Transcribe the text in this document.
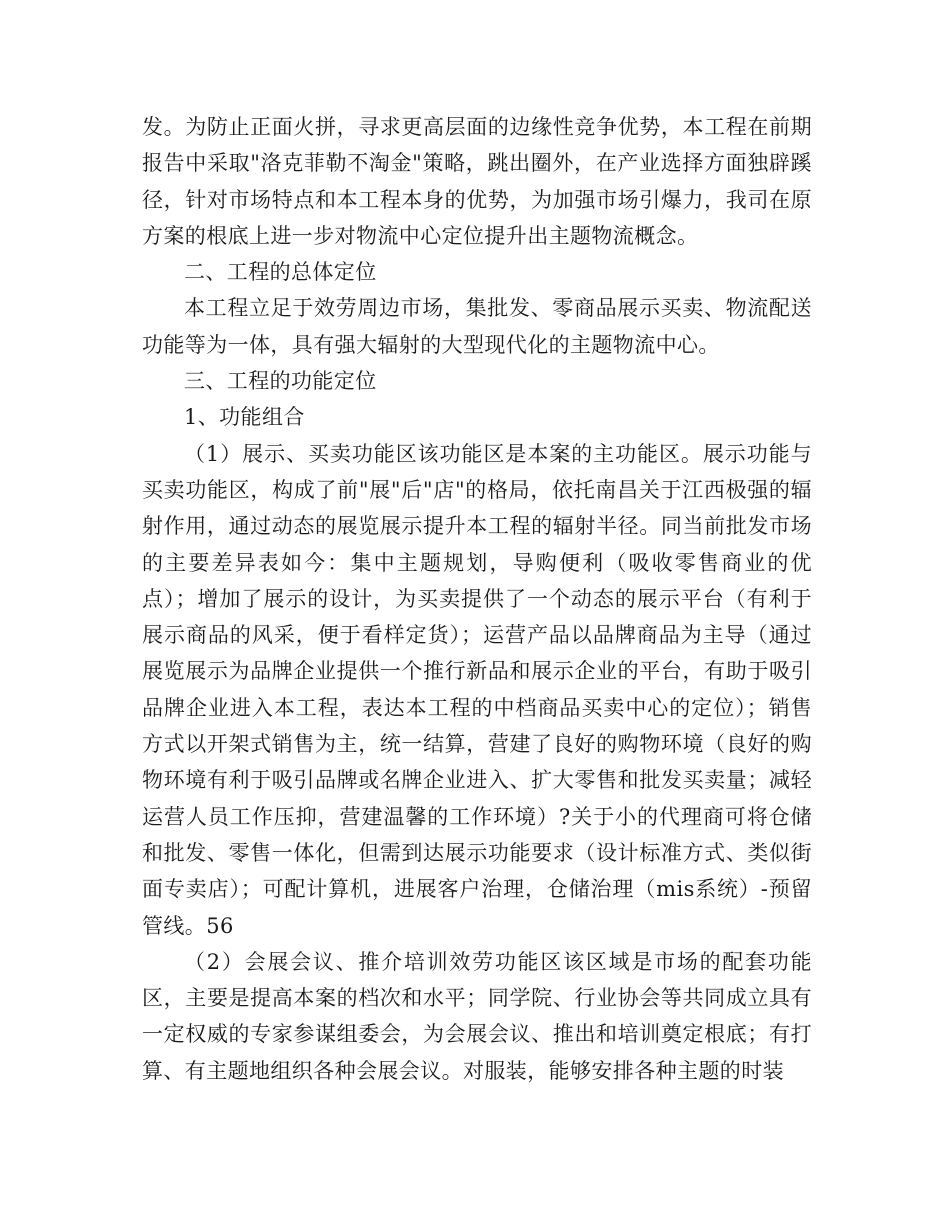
发。为防止正面火拼，寻求更高层面的边缘性竞争优势，本工程在前期报告中采取"洛克菲勒不淘金"策略，跳出圈外，在产业选择方面独辟蹊径，针对市场特点和本工程本身的优势，为加强市场引爆力，我司在原方案的根底上进一步对物流中心定位提升出主题物流概念。

二、工程的总体定位

本工程立足于效劳周边市场，集批发、零商品展示买卖、物流配送功能等为一体，具有强大辐射的大型现代化的主题物流中心。

三、工程的功能定位

1、功能组合

（1）展示、买卖功能区该功能区是本案的主功能区。展示功能与买卖功能区，构成了前"展"后"店"的格局，依托南昌关于江西极强的辐射作用，通过动态的展览展示提升本工程的辐射半径。同当前批发市场的主要差异表如今：集中主题规划，导购便利（吸收零售商业的优点）；增加了展示的设计，为买卖提供了一个动态的展示平台（有利于展示商品的风采，便于看样定货）；运营产品以品牌商品为主导（通过展览展示为品牌企业提供一个推行新品和展示企业的平台，有助于吸引品牌企业进入本工程，表达本工程的中档商品买卖中心的定位）；销售方式以开架式销售为主，统一结算，营建了良好的购物环境（良好的购物环境有利于吸引品牌或名牌企业进入、扩大零售和批发买卖量；减轻运营人员工作压抑，营建温馨的工作环境）?关于小的代理商可将仓储和批发、零售一体化，但需到达展示功能要求（设计标准方式、类似街面专卖店）；可配计算机，进展客户治理，仓储治理（mis系统）-预留管线。56

（2）会展会议、推介培训效劳功能区该区域是市场的配套功能区，主要是提高本案的档次和水平；同学院、行业协会等共同成立具有一定权威的专家参谋组委会，为会展会议、推出和培训奠定根底；有打算、有主题地组织各种会展会议。对服装，能够安排各种主题的时装
